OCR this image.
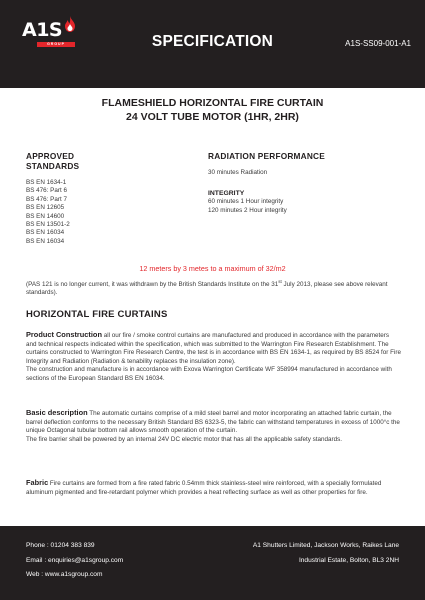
A1S
GROUP	SPECIFICATION	A1S-SS09-001-A1
FLAMESHIELD HORIZONTAL FIRE CURTAIN
24 VOLT TUBE MOTOR (1HR, 2HR)
APPROVED
STANDARDS
BS EN 1634-1
BS 476: Part 6
BS 476: Part 7
BS EN 12605
BS EN 14600
BS EN 13501-2
BS EN 16034
BS EN 16034
RADIATION PERFORMANCE
30 minutes Radiation
INTEGRITY
60 minutes 1 Hour integrity
120 minutes 2 Hour integrity
12 meters by 3 metes to a maximum of 32/m2
(PAS 121 is no longer current, it was withdrawn by the British Standards Institute on the 31st July 2013, please see above relevant standards).
HORIZONTAL FIRE CURTAINS

Product Construction all our fire / smoke control curtains are manufactured and produced in accordance with the parameters and technical respects indicated within the specification, which was submitted to the Warrington Fire Research Establishment. The curtains constructed to Warrington Fire Research Centre, the test is in accordance with BS EN 1634-1, as required by BS 8524 for Fire Integrity and Radiation (Radiation & tenability replaces the insulation zone).
The construction and manufacture is in accordance with Exova Warrington Certificate WF 358994 manufactured in accordance with sections of the European Standard BS EN 16034.

Basic description The automatic curtains comprise of a mild steel barrel and motor incorporating an attached fabric curtain, the barrel deflection conforms to the necessary British Standard BS 6323-5, the fabric can withstand temperatures in excess of 1000°c the unique Octagonal tubular bottom rail allows smooth operation of the curtain.
The fire barrier shall be powered by an internal 24V DC electric motor that has all the applicable safety standards.

Fabric Fire curtains are formed from a fire rated fabric 0.54mm thick stainless-steel wire reinforced, with a specially formulated aluminum pigmented and fire-retardant polymer which provides a heat reflecting surface as well as other properties for fire.

Phone : 01204 383 839
Email : enquiries@a1sgroup.com
Web : www.a1sgroup.com
A1 Shutters Limited, Jackson Works, Raikes Lane
Industrial Estate, Bolton, BL3 2NH
